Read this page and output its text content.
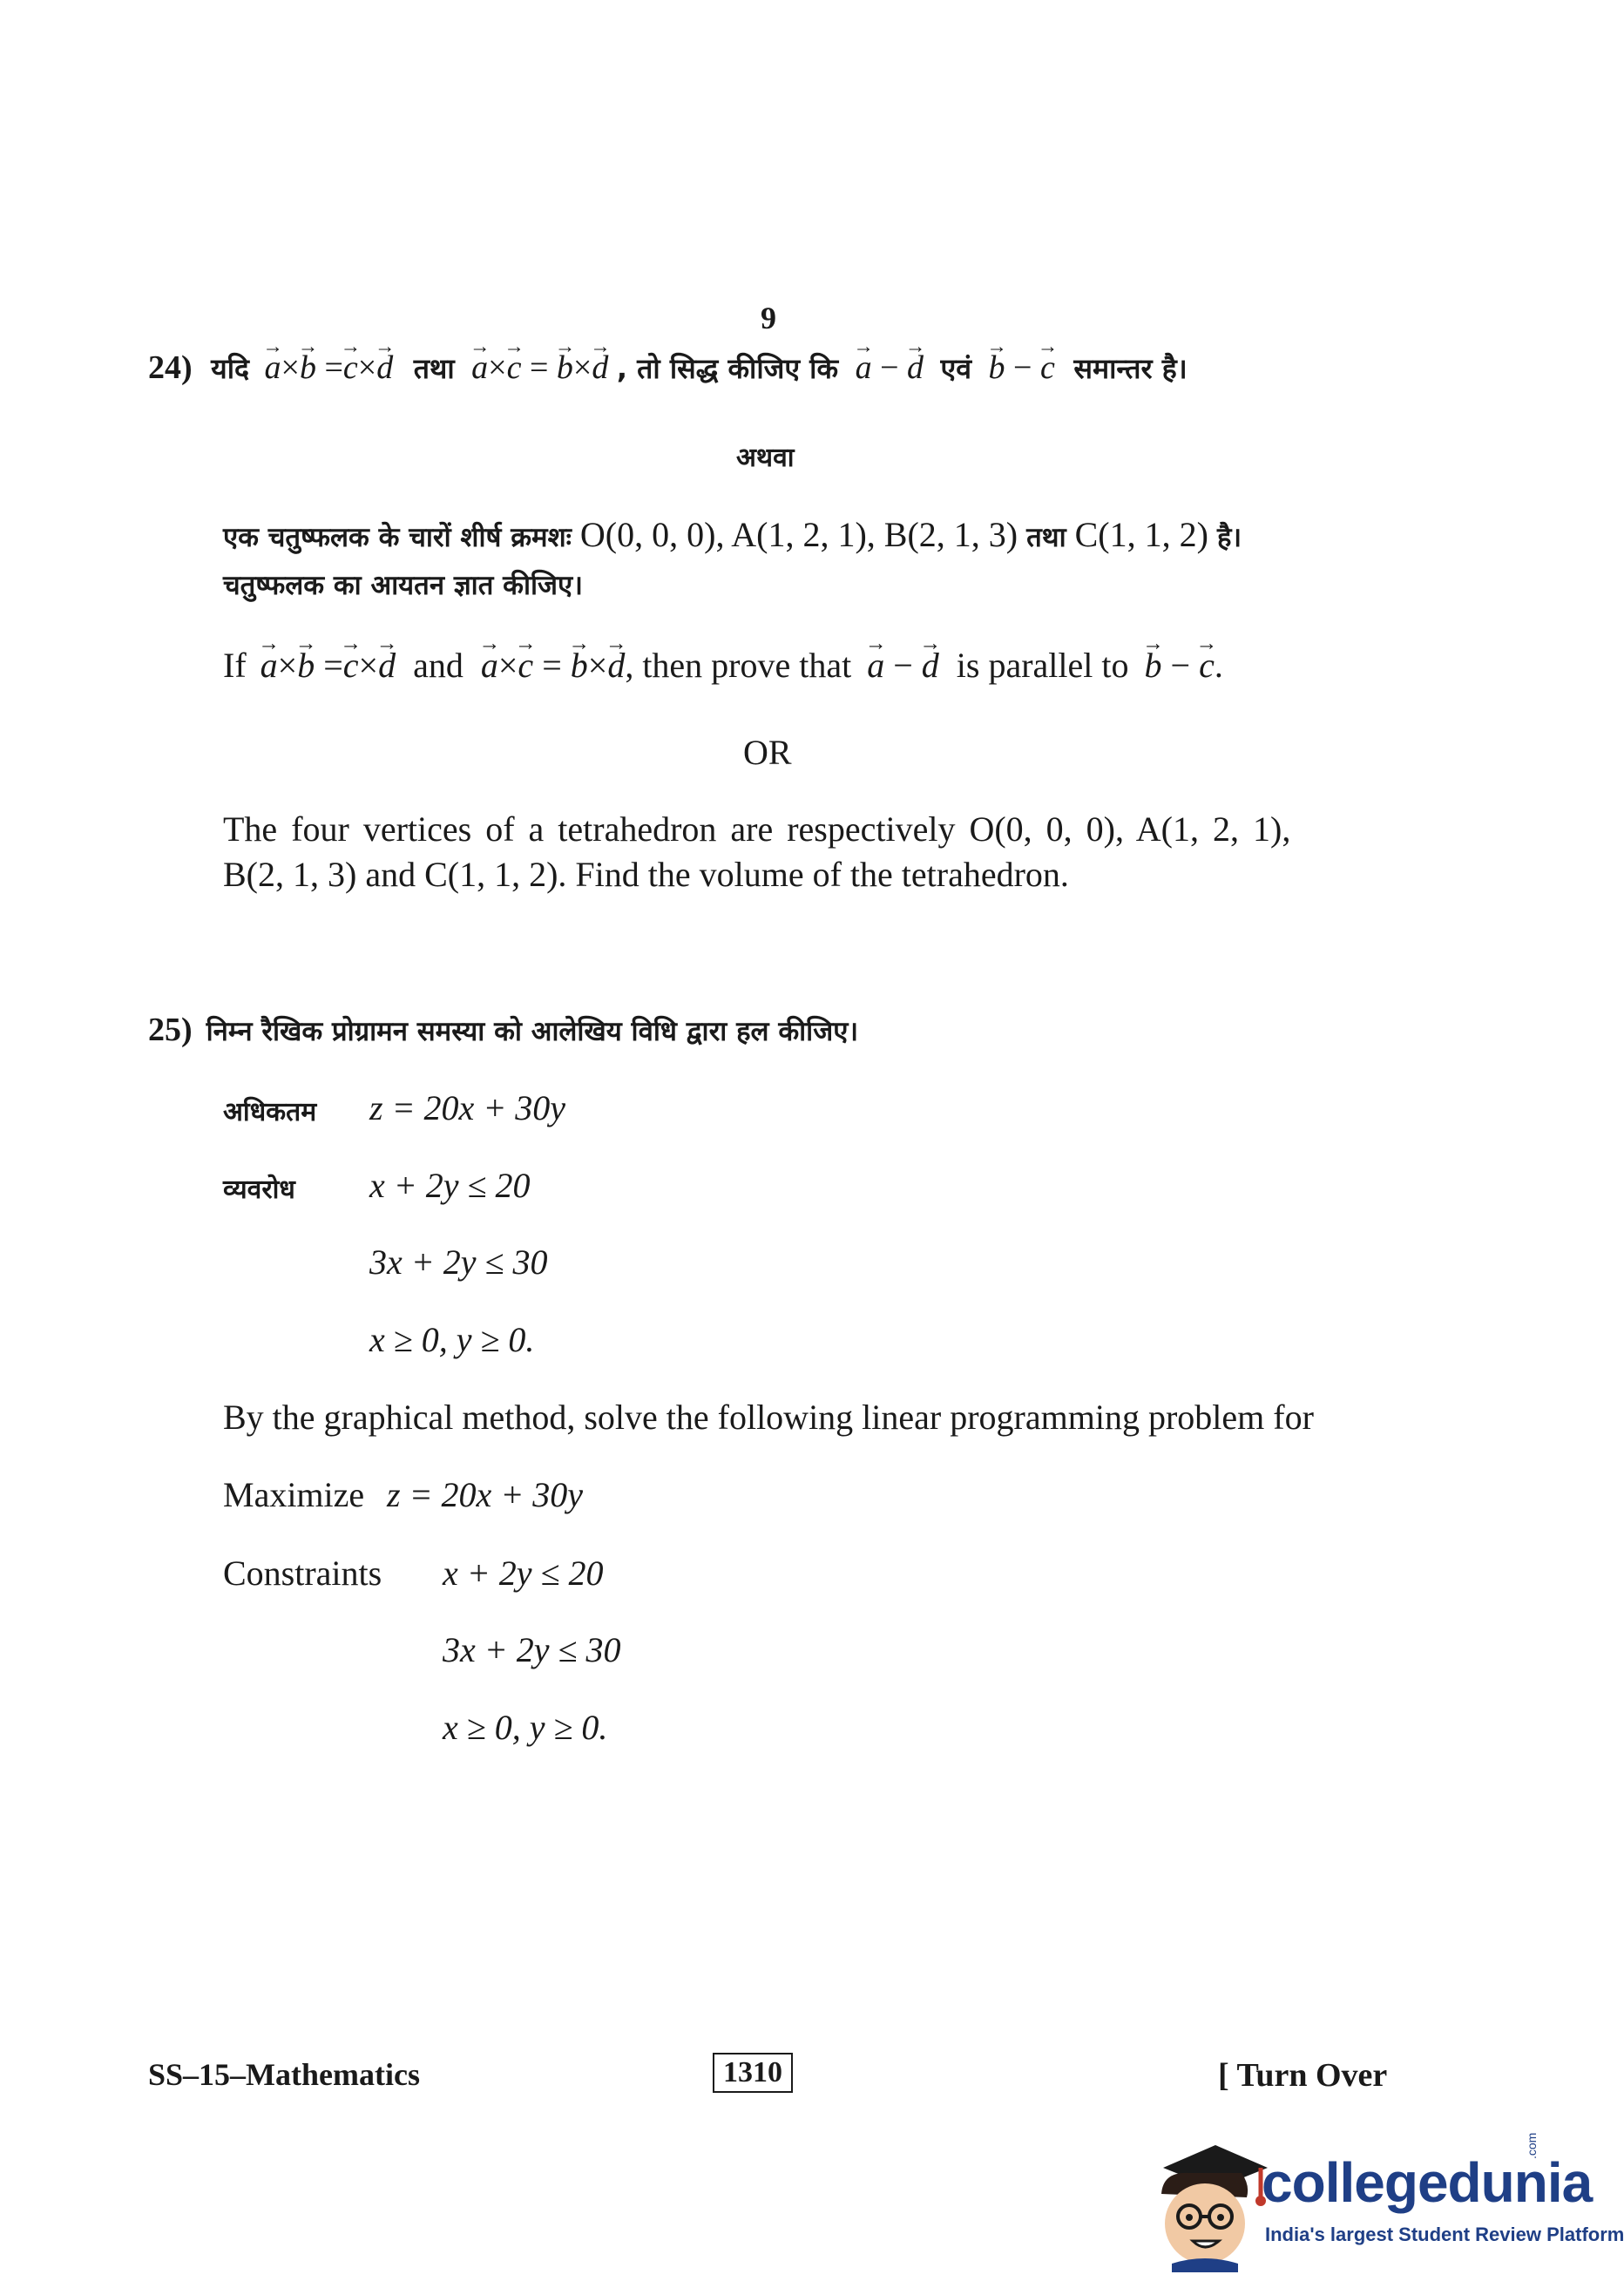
9
24) यदि a →×b → =c →×d → तथा a →×c → = b →×d → , तो सिद्ध कीजिए कि a → − d → एवं b → − c → समान्तर है।
अथवा
एक चतुष्फलक के चारों शीर्ष क्रमशः O(0, 0, 0), A(1, 2, 1), B(2, 1, 3) तथा C(1, 1, 2) है।
चतुष्फलक का आयतन ज्ञात कीजिए।
If a →×b → =c →×d → and a →×c → = b →×d →, then prove that a → − d → is parallel to b → − c →.
OR
The four vertices of a tetrahedron are respectively O(0, 0, 0), A(1, 2, 1),
B(2, 1, 3) and C(1, 1, 2). Find the volume of the tetrahedron.
25) निम्न रैखिक प्रोग्रामन समस्या को आलेखिय विधि द्वारा हल कीजिए।
अधिकतम z = 20x + 30y
व्यवरोध x + 2y ≤ 20
3x + 2y ≤ 30
x ≥ 0, y ≥ 0.
By the graphical method, solve the following linear programming problem for
Maximize z = 20x + 30y
Constraints x + 2y ≤ 20
3x + 2y ≤ 30
x ≥ 0, y ≥ 0.
SS–15–Mathematics	1310	[ Turn Over
collegedunia
.com
India's largest Student Review Platform
